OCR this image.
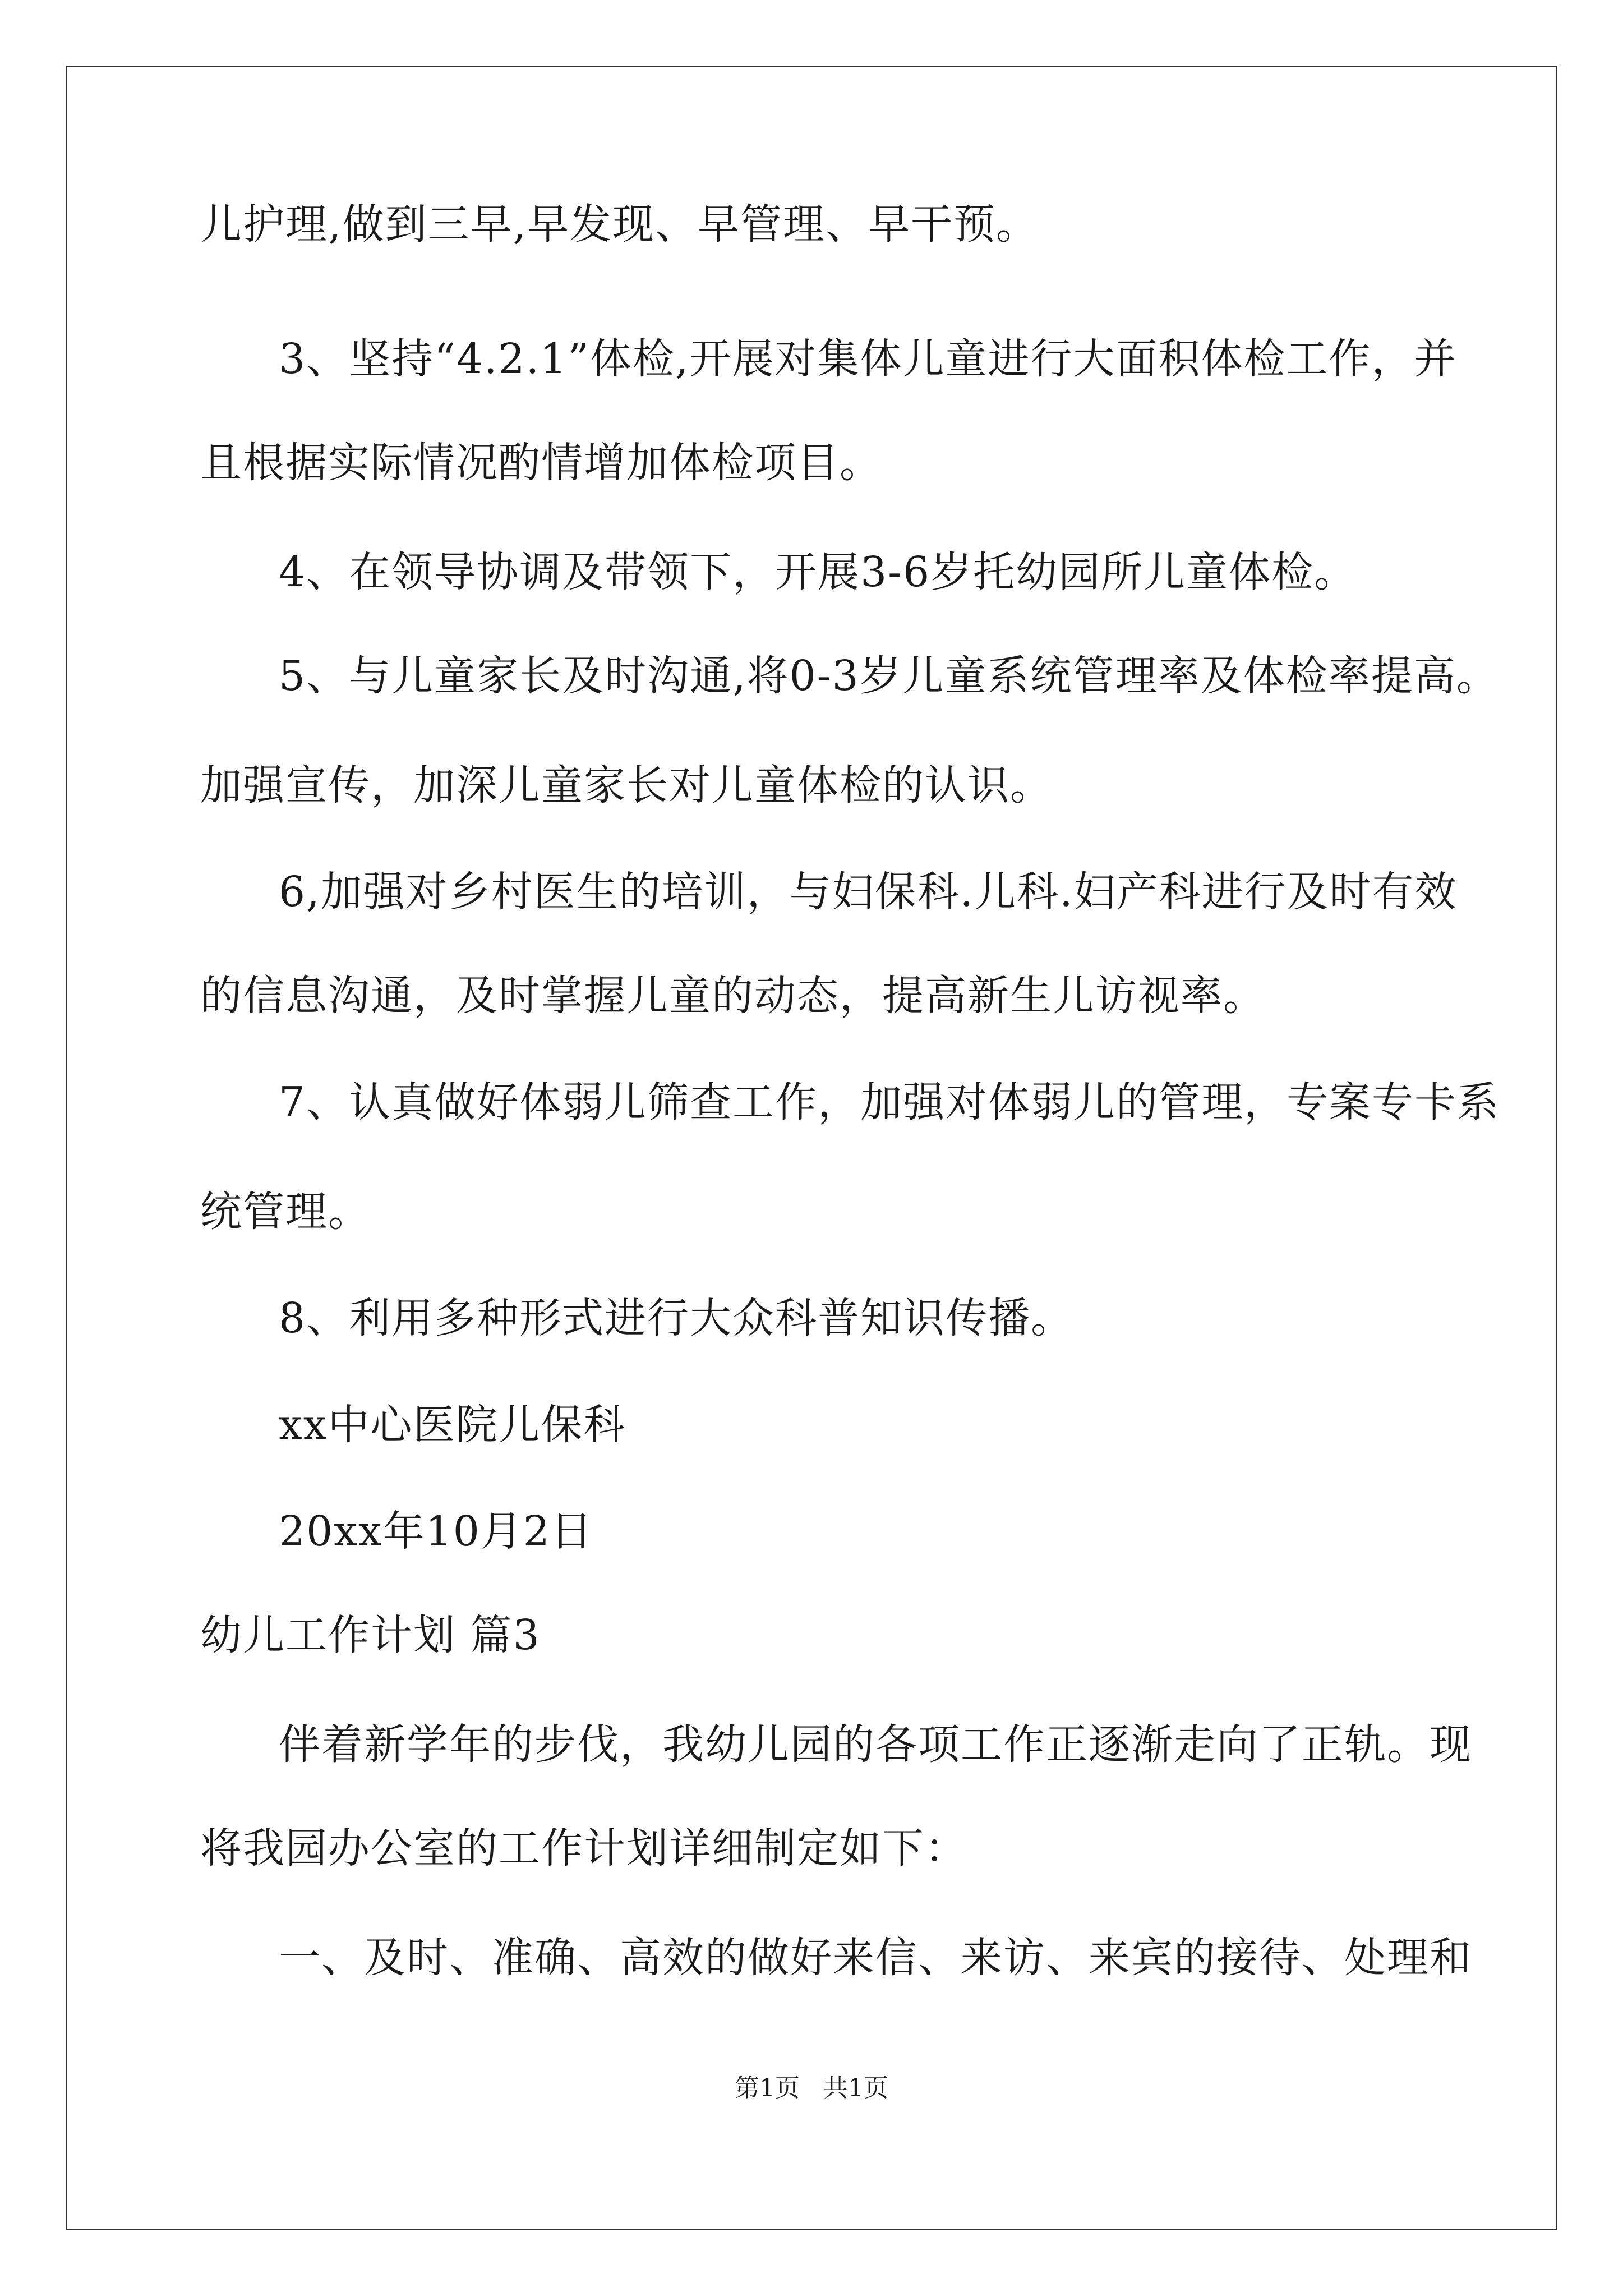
儿护理,做到三早,早发现、早管理、早干预。
3、坚持“4.2.1”体检,开展对集体儿童进行大面积体检工作，并
且根据实际情况酌情增加体检项目。
4、在领导协调及带领下，开展3-6岁托幼园所儿童体检。
5、与儿童家长及时沟通,将0-3岁儿童系统管理率及体检率提高。
加强宣传，加深儿童家长对儿童体检的认识。
6,加强对乡村医生的培训，与妇保科.儿科.妇产科进行及时有效
的信息沟通，及时掌握儿童的动态，提高新生儿访视率。
7、认真做好体弱儿筛查工作，加强对体弱儿的管理，专案专卡系
统管理。
8、利用多种形式进行大众科普知识传播。
xx中心医院儿保科
20xx年10月2日
幼儿工作计划 篇3
伴着新学年的步伐，我幼儿园的各项工作正逐渐走向了正轨。现
将我园办公室的工作计划详细制定如下：
一、及时、准确、高效的做好来信、来访、来宾的接待、处理和
第1页   共1页
